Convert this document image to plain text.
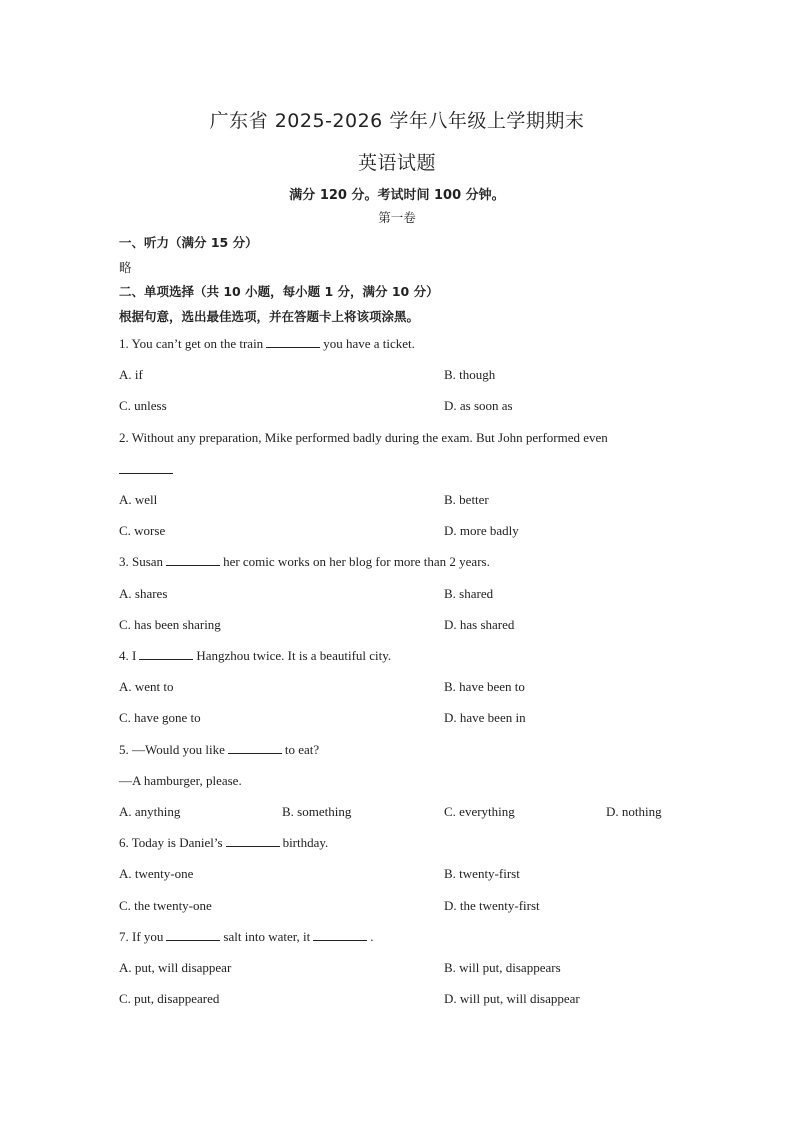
广东省 2025-2026 学年八年级上学期期末
英语试题
满分 120 分。考试时间 100 分钟。
第一卷
一、听力（满分 15 分）
略
二、单项选择（共 10 小题，每小题 1 分，满分 10 分）
根据句意，选出最佳选项，并在答题卡上将该项涂黑。
1. You can’t get on the train	you have a ticket.
A. if	B. though
C. unless	D. as soon as
2. Without any preparation, Mike performed badly during the exam. But John performed even
A. well	B. better
C. worse	D. more badly
3. Susan	her comic works on her blog for more than 2 years.
A. shares	B. shared
C. has been sharing	D. has shared
4. I	Hangzhou twice. It is a beautiful city.
A. went to	B. have been to
C. have gone to	D. have been in
5. —Would you like	to eat?
—A hamburger, please.
A. anything	B. something	C. everything	D. nothing
6. Today is Daniel’s	birthday.
A. twenty-one	B. twenty-first
C. the twenty-one	D. the twenty-first
7. If you	salt into water, it	.
A. put, will disappear	B. will put, disappears
C. put, disappeared	D. will put, will disappear
